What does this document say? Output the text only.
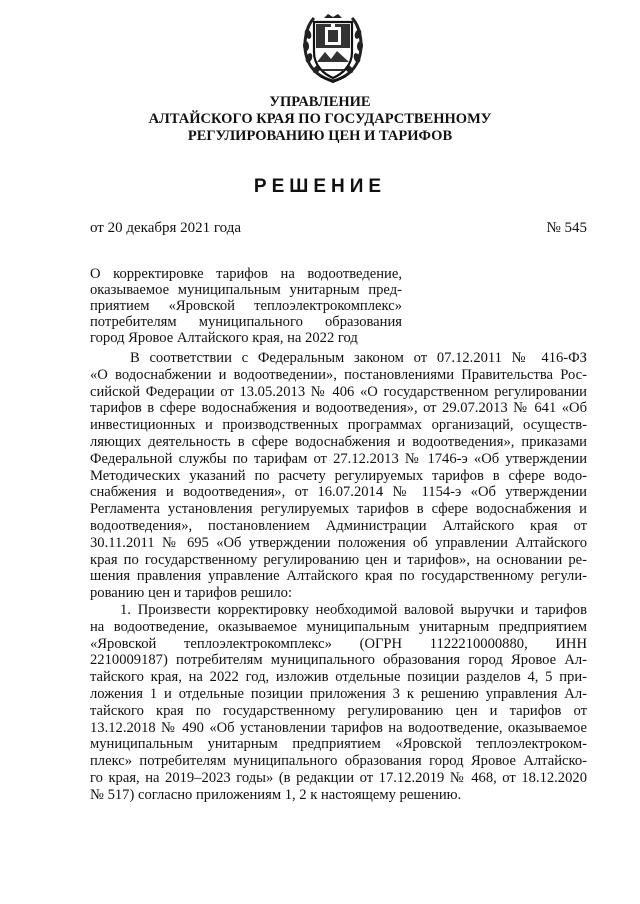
УПРАВЛЕНИЕ
АЛТАЙСКОГО КРАЯ ПО ГОСУДАРСТВЕННОМУ
РЕГУЛИРОВАНИЮ ЦЕН И ТАРИФОВ
РЕШЕНИЕ
от 20 декабря 2021 года	№ 545
О корректировке тарифов на водоотведение,
оказываемое муниципальным унитарным пред-
приятием «Яровской теплоэлектрокомплекс»
потребителям муниципального образования
город Яровое Алтайского края, на 2022 год
В соответствии с Федеральным законом от 07.12.2011 № 416-ФЗ
«О водоснабжении и водоотведении», постановлениями Правительства Рос-
сийской Федерации от 13.05.2013 № 406 «О государственном регулировании
тарифов в сфере водоснабжения и водоотведения», от 29.07.2013 № 641 «Об
инвестиционных и производственных программах организаций, осуществ-
ляющих деятельность в сфере водоснабжения и водоотведения», приказами
Федеральной службы по тарифам от 27.12.2013 № 1746-э «Об утверждении
Методических указаний по расчету регулируемых тарифов в сфере водо-
снабжения и водоотведения», от 16.07.2014 № 1154-э «Об утверждении
Регламента установления регулируемых тарифов в сфере водоснабжения и
водоотведения», постановлением Администрации Алтайского края от
30.11.2011 № 695 «Об утверждении положения об управлении Алтайского
края по государственному регулированию цен и тарифов», на основании ре-
шения правления управление Алтайского края по государственному регули-
рованию цен и тарифов решило:
1. Произвести корректировку необходимой валовой выручки и тарифов
на водоотведение, оказываемое муниципальным унитарным предприятием
«Яровской теплоэлектрокомплекс» (ОГРН 1122210000880, ИНН
2210009187) потребителям муниципального образования город Яровое Ал-
тайского края, на 2022 год, изложив отдельные позиции разделов 4, 5 при-
ложения 1 и отдельные позиции приложения 3 к решению управления Ал-
тайского края по государственному регулированию цен и тарифов от
13.12.2018 № 490 «Об установлении тарифов на водоотведение, оказываемое
муниципальным унитарным предприятием «Яровской теплоэлектроком-
плекс» потребителям муниципального образования город Яровое Алтайско-
го края, на 2019–2023 годы» (в редакции от 17.12.2019 № 468, от 18.12.2020
№ 517) согласно приложениям 1, 2 к настоящему решению.
